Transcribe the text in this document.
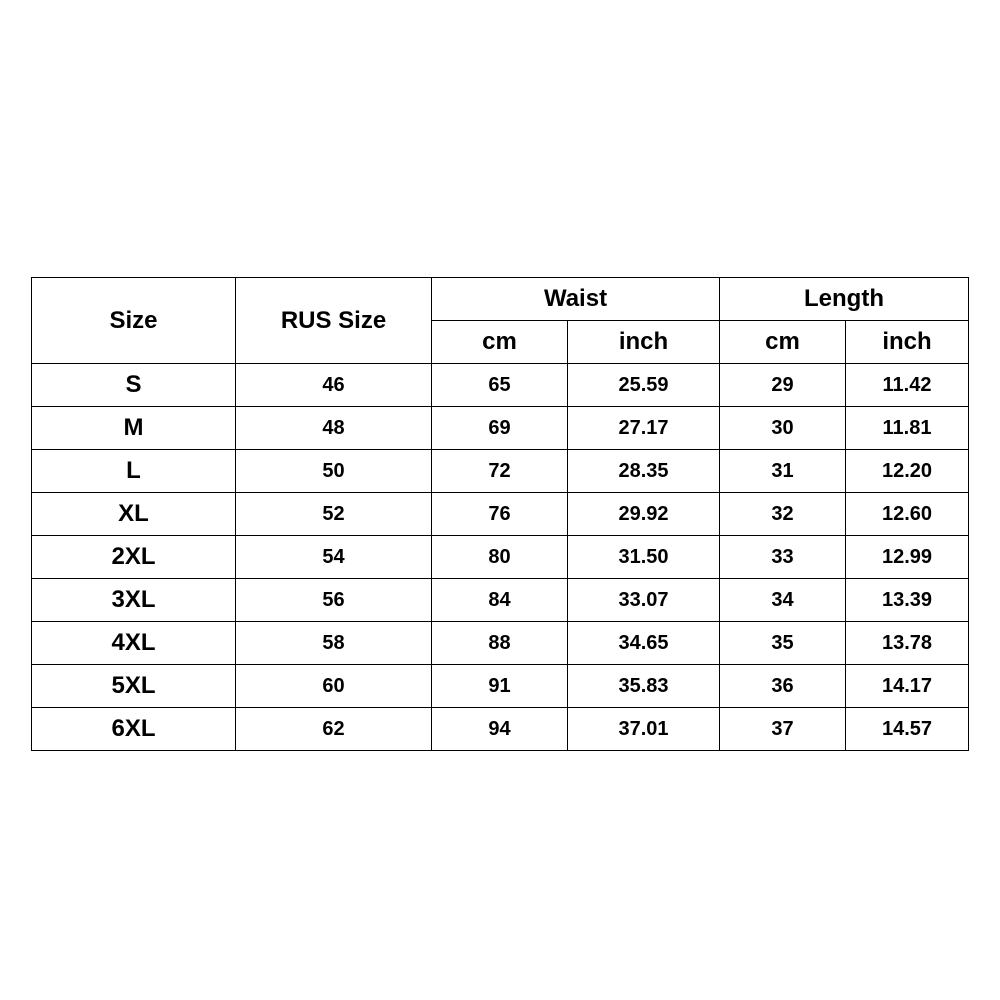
Size	RUS Size	Waist		Length	
		cm	inch	cm	inch
S	46	65	25.59	29	11.42
M	48	69	27.17	30	11.81
L	50	72	28.35	31	12.20
XL	52	76	29.92	32	12.60
2XL	54	80	31.50	33	12.99
3XL	56	84	33.07	34	13.39
4XL	58	88	34.65	35	13.78
5XL	60	91	35.83	36	14.17
6XL	62	94	37.01	37	14.57
